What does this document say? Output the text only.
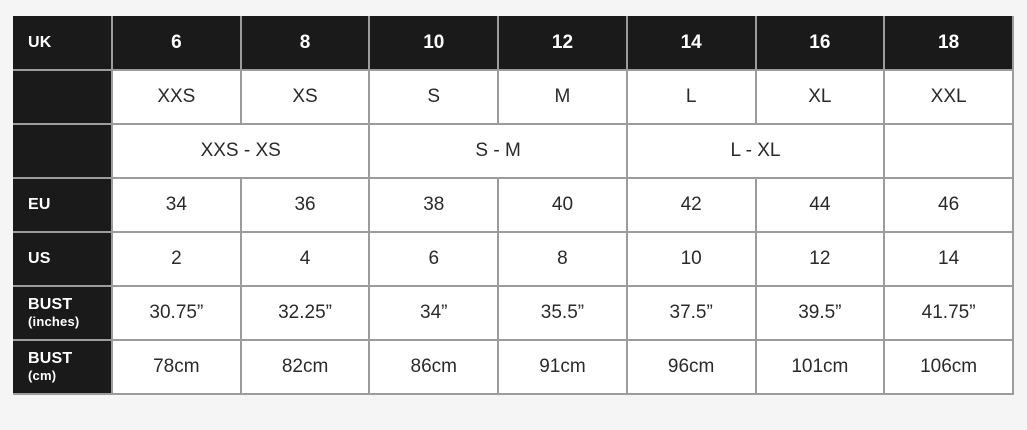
UK	6	8	10	12	14	16	18
	XXS	XS	S	M	L	XL	XXL
	XXS - XS		S - M		L - XL		
EU	34	36	38	40	42	44	46
US	2	4	6	8	10	12	14

BUST
(inches)	30.75”	32.25”	34”	35.5”	37.5”	39.5”	41.75”

BUST
(cm)	78cm	82cm	86cm	91cm	96cm	101cm	106cm
